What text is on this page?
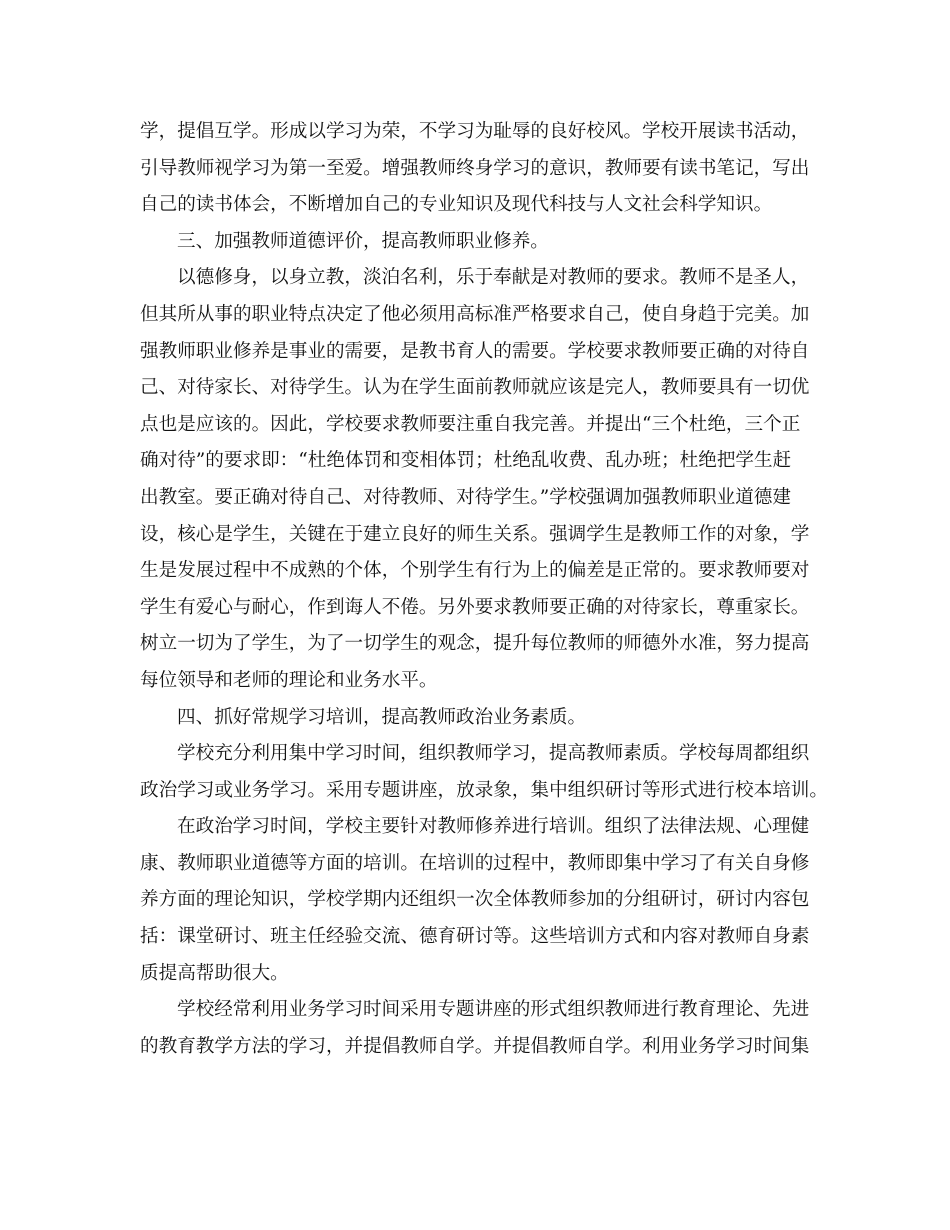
学，提倡互学。形成以学习为荣，不学习为耻辱的良好校风。学校开展读书活动，
引导教师视学习为第一至爱。增强教师终身学习的意识，教师要有读书笔记，写出
自己的读书体会，不断增加自己的专业知识及现代科技与人文社会科学知识。
三、加强教师道德评价，提高教师职业修养。
以德修身，以身立教，淡泊名利，乐于奉献是对教师的要求。教师不是圣人，
但其所从事的职业特点决定了他必须用高标准严格要求自己，使自身趋于完美。加
强教师职业修养是事业的需要，是教书育人的需要。学校要求教师要正确的对待自
己、对待家长、对待学生。认为在学生面前教师就应该是完人，教师要具有一切优
点也是应该的。因此，学校要求教师要注重自我完善。并提出“三个杜绝，三个正
确对待”的要求即：“杜绝体罚和变相体罚；杜绝乱收费、乱办班；杜绝把学生赶
出教室。要正确对待自己、对待教师、对待学生。”学校强调加强教师职业道德建
设，核心是学生，关键在于建立良好的师生关系。强调学生是教师工作的对象，学
生是发展过程中不成熟的个体，个别学生有行为上的偏差是正常的。要求教师要对
学生有爱心与耐心，作到诲人不倦。另外要求教师要正确的对待家长，尊重家长。
树立一切为了学生，为了一切学生的观念，提升每位教师的师德外水准，努力提高
每位领导和老师的理论和业务水平。
四、抓好常规学习培训，提高教师政治业务素质。
学校充分利用集中学习时间，组织教师学习，提高教师素质。学校每周都组织
政治学习或业务学习。采用专题讲座，放录象，集中组织研讨等形式进行校本培训。
在政治学习时间，学校主要针对教师修养进行培训。组织了法律法规、心理健
康、教师职业道德等方面的培训。在培训的过程中，教师即集中学习了有关自身修
养方面的理论知识，学校学期内还组织一次全体教师参加的分组研讨，研讨内容包
括：课堂研讨、班主任经验交流、德育研讨等。这些培训方式和内容对教师自身素
质提高帮助很大。
学校经常利用业务学习时间采用专题讲座的形式组织教师进行教育理论、先进
的教育教学方法的学习，并提倡教师自学。并提倡教师自学。利用业务学习时间集
